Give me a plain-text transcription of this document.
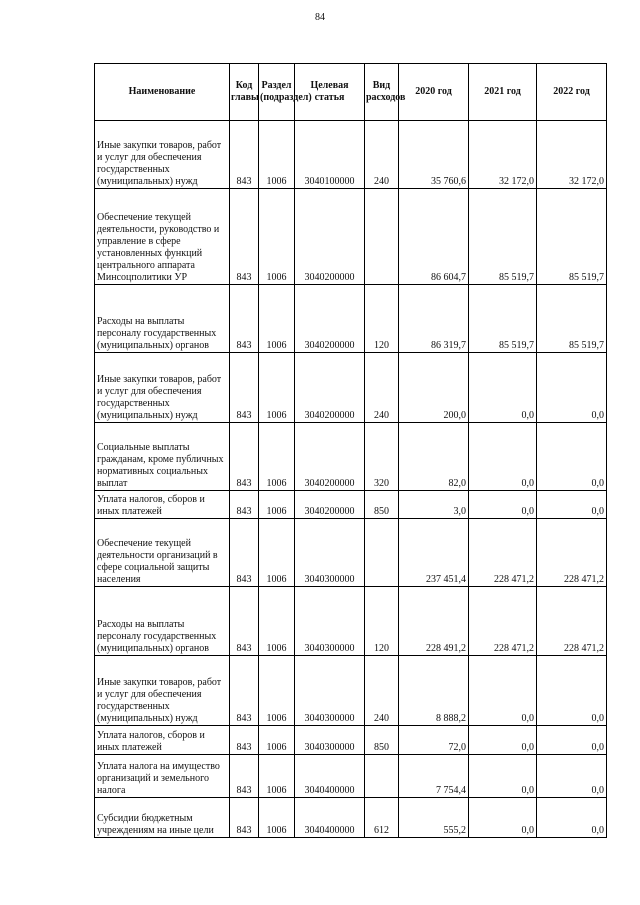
84
Наименование	Код главы	Раздел (подраздел)	Целевая статья	Вид расходов	2020 год	2021 год	2022 год
Иные закупки товаров, работ и услуг для обеспечения государственных (муниципальных) нужд	843	1006	3040100000	240	35 760,6	32 172,0	32 172,0
Обеспечение текущей деятельности, руководство и управление в сфере установленных функций центрального аппарата Минсоцполитики УР	843	1006	3040200000		86 604,7	85 519,7	85 519,7
Расходы на выплаты персоналу государственных (муниципальных) органов	843	1006	3040200000	120	86 319,7	85 519,7	85 519,7
Иные закупки товаров, работ и услуг для обеспечения государственных (муниципальных) нужд	843	1006	3040200000	240	200,0	0,0	0,0
Социальные выплаты гражданам, кроме публичных нормативных социальных выплат	843	1006	3040200000	320	82,0	0,0	0,0
Уплата налогов, сборов и иных платежей	843	1006	3040200000	850	3,0	0,0	0,0
Обеспечение текущей деятельности организаций в сфере социальной защиты населения	843	1006	3040300000		237 451,4	228 471,2	228 471,2
Расходы на выплаты персоналу государственных (муниципальных) органов	843	1006	3040300000	120	228 491,2	228 471,2	228 471,2
Иные закупки товаров, работ и услуг для обеспечения государственных (муниципальных) нужд	843	1006	3040300000	240	8 888,2	0,0	0,0
Уплата налогов, сборов и иных платежей	843	1006	3040300000	850	72,0	0,0	0,0
Уплата налога на имущество организаций и земельного налога	843	1006	3040400000		7 754,4	0,0	0,0
Субсидии бюджетным учреждениям на иные цели	843	1006	3040400000	612	555,2	0,0	0,0
